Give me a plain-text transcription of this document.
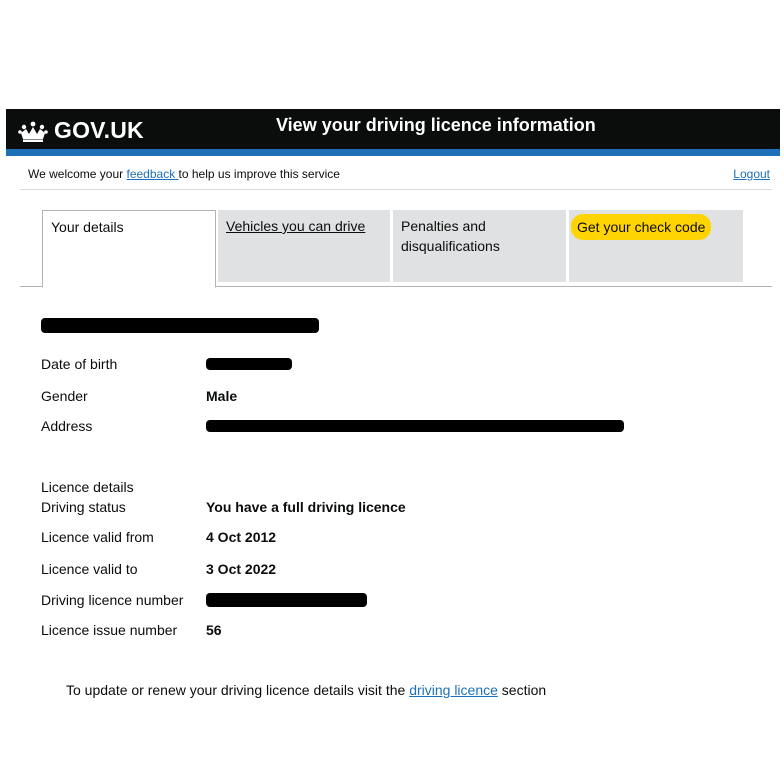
GOV.UK	View your driving licence information
We welcome your feedback to help us improve this service	Logout
Your details	Vehicles you can drive	Penalties and disqualifications
Get your check code
Date of birth
Gender	Male
Address
Licence details
Driving status	You have a full driving licence
Licence valid from	4 Oct 2012
Licence valid to	3 Oct 2022
Driving licence number
Licence issue number 56
To update or renew your driving licence details visit the driving licence section
